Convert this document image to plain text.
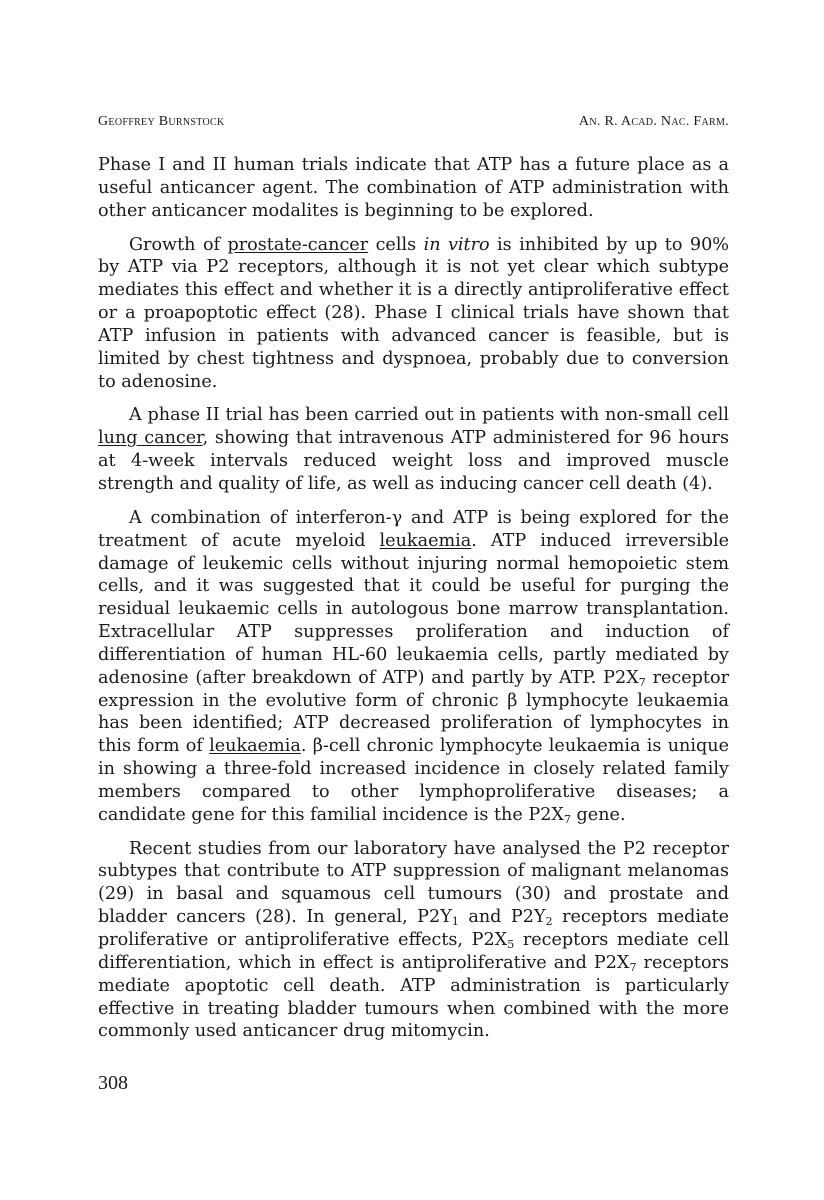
Geoffrey Burnstock	An. R. Acad. Nac. Farm.

Phase I and II human trials indicate that ATP has a future place as a useful anticancer agent. The combination of ATP administration with other anticancer modalites is beginning to be explored.

Growth of prostate-cancer cells in vitro is inhibited by up to 90% by ATP via P2 receptors, although it is not yet clear which subtype mediates this effect and whether it is a directly antiproliferative effect or a proapoptotic effect (28). Phase I clinical trials have shown that ATP infusion in patients with advanced cancer is feasible, but is limited by chest tightness and dyspnoea, probably due to conversion to adenosine.

A phase II trial has been carried out in patients with non-small cell lung cancer, showing that intravenous ATP administered for 96 hours at 4-week intervals reduced weight loss and improved muscle strength and quality of life, as well as inducing cancer cell death (4).

A combination of interferon-γ and ATP is being explored for the treatment of acute myeloid leukaemia. ATP induced irreversible damage of leukemic cells without injuring normal hemopoietic stem cells, and it was suggested that it could be useful for purging the residual leukaemic cells in autologous bone marrow transplantation. Extracellular ATP suppresses proliferation and induction of differentiation of human HL-60 leukaemia cells, partly mediated by adenosine (after breakdown of ATP) and partly by ATP. $P2X_7$ receptor expression in the evolutive form of chronic β lymphocyte leukaemia has been identified; ATP decreased proliferation of lymphocytes in this form of leukaemia. β-cell chronic lymphocyte leukaemia is unique in showing a three-fold increased incidence in closely related family members compared to other lymphoproliferative diseases; a candidate gene for this familial incidence is the $P2X_7$ gene.

Recent studies from our laboratory have analysed the P2 receptor subtypes that contribute to ATP suppression of malignant melanomas (29) in basal and squamous cell tumours (30) and prostate and bladder cancers (28). In general, $P2Y_1$ and $P2Y_2$ receptors mediate proliferative or antiproliferative effects, $P2X_5$ receptors mediate cell differentiation, which in effect is antiproliferative and $P2X_7$ receptors mediate apoptotic cell death. ATP administration is particularly effective in treating bladder tumours when combined with the more commonly used anticancer drug mitomycin.

308
